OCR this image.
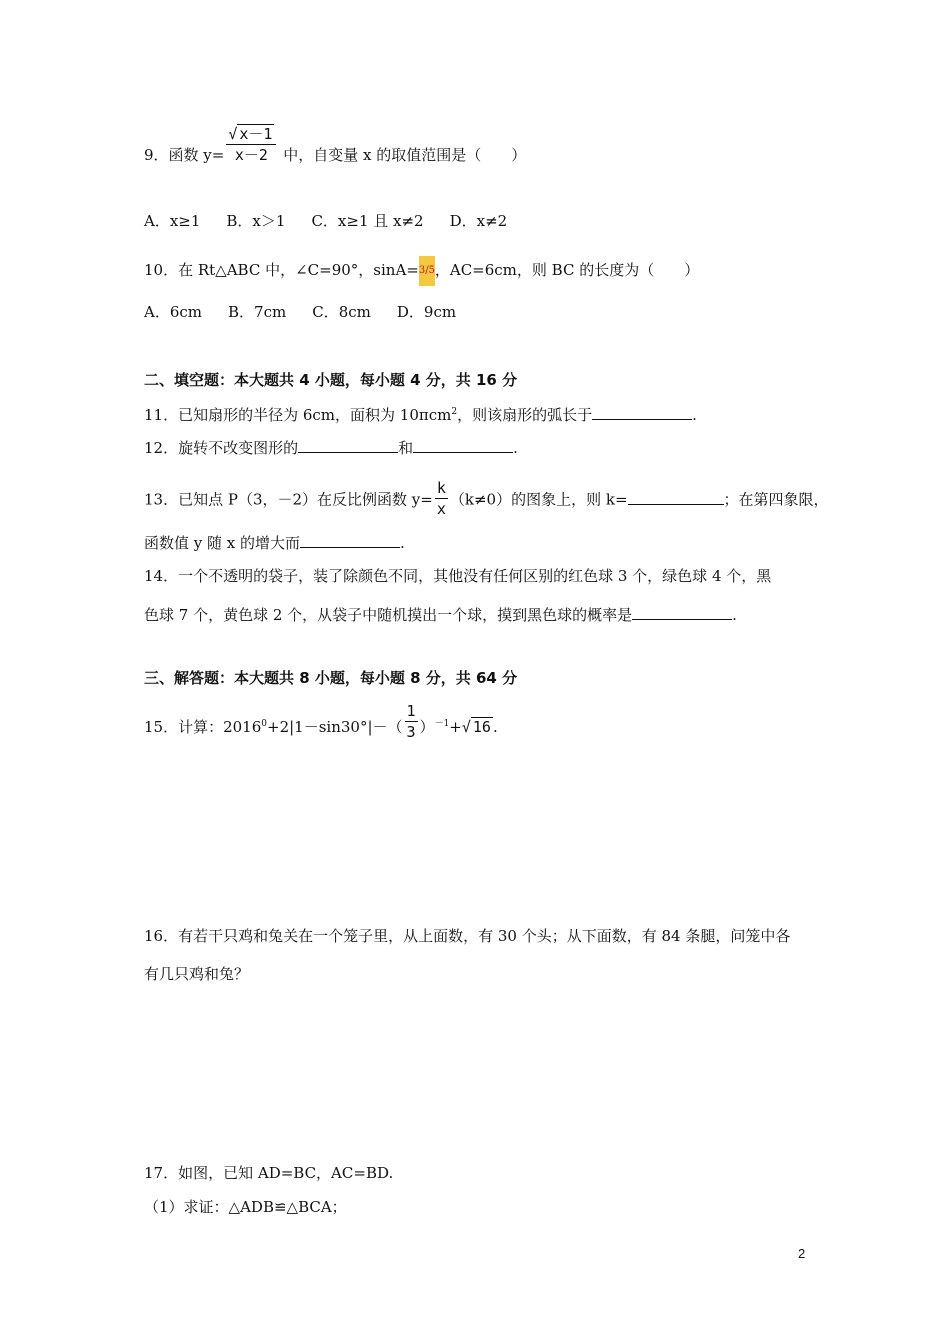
9．函数 $y= \frac{√ x-1}{x-2}$ 中，自变量 x 的取值范围是（　　）
A．x≥1 B．x＞1 C．x≥1 且 x≠2 D．x≠2
10．在 Rt△ABC 中，∠C=90°，sinA=3/5，AC=6cm，则 BC 的长度为（　　）
A．6cm B．7cm C．8cm D．9cm
二、填空题：本大题共 4 小题，每小题 4 分，共 16 分
11．已知扇形的半径为 6cm，面积为 10πcm$^2$，则该扇形的弧长于	.
12．旋转不改变图形的	和	.
13．已知点 P（3，－2）在反比例函数 $y= \frac{k}{x} (k\ne 0)$的图象上，则 k=	；在第四象限，
函数值 y 随 x 的增大而	.
14．一个不透明的袋子，装了除颜色不同，其他没有任何区别的红色球 3 个，绿色球 4 个，黑
色球 7 个，黄色球 2 个，从袋子中随机摸出一个球，摸到黑色球的概率是	.
三、解答题：本大题共 8 小题，每小题 8 分，共 64 分
15．计算：$2016^0+2|1-\sin 30^\circ|-( \frac{1}{3} )^{-1}+√$ 16 .
16．有若干只鸡和兔关在一个笼子里，从上面数，有 30 个头；从下面数，有 84 条腿，问笼中各
有几只鸡和兔？
17．如图，已知 AD=BC，AC=BD.
（1）求证：△ADB≌△BCA；
2
